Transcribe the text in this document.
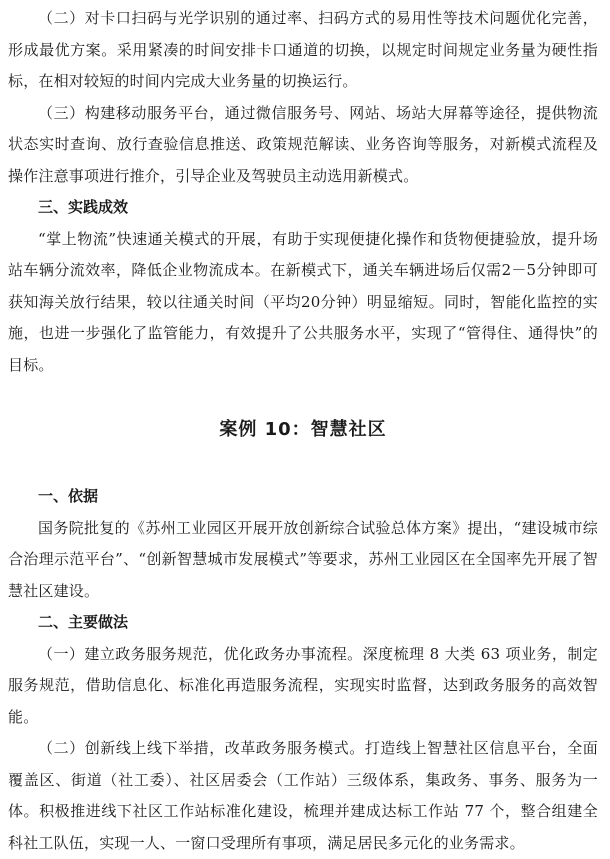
（二）对卡口扫码与光学识别的通过率、扫码方式的易用性等技术问题优化完善，形成最优方案。采用紧凑的时间安排卡口通道的切换，以规定时间规定业务量为硬性指标，在相对较短的时间内完成大业务量的切换运行。

（三）构建移动服务平台，通过微信服务号、网站、场站大屏幕等途径，提供物流状态实时查询、放行查验信息推送、政策规范解读、业务咨询等服务，对新模式流程及操作注意事项进行推介，引导企业及驾驶员主动选用新模式。

三、实践成效

“掌上物流”快速通关模式的开展，有助于实现便捷化操作和货物便捷验放，提升场站车辆分流效率，降低企业物流成本。在新模式下，通关车辆进场后仅需2－5分钟即可获知海关放行结果，较以往通关时间（平均20分钟）明显缩短。同时，智能化监控的实施，也进一步强化了监管能力，有效提升了公共服务水平，实现了“管得住、通得快”的目标。

案例 10：智慧社区

一、依据

国务院批复的《苏州工业园区开展开放创新综合试验总体方案》提出，“建设城市综合治理示范平台”、“创新智慧城市发展模式”等要求，苏州工业园区在全国率先开展了智慧社区建设。

二、主要做法

（一）建立政务服务规范，优化政务办事流程。深度梳理 8 大类 63 项业务，制定服务规范，借助信息化、标准化再造服务流程，实现实时监督，达到政务服务的高效智能。

（二）创新线上线下举措，改革政务服务模式。打造线上智慧社区信息平台，全面覆盖区、街道（社工委）、社区居委会（工作站）三级体系，集政务、事务、服务为一体。积极推进线下社区工作站标准化建设，梳理并建成达标工作站 77 个，整合组建全科社工队伍，实现一人、一窗口受理所有事项，满足居民多元化的业务需求。
